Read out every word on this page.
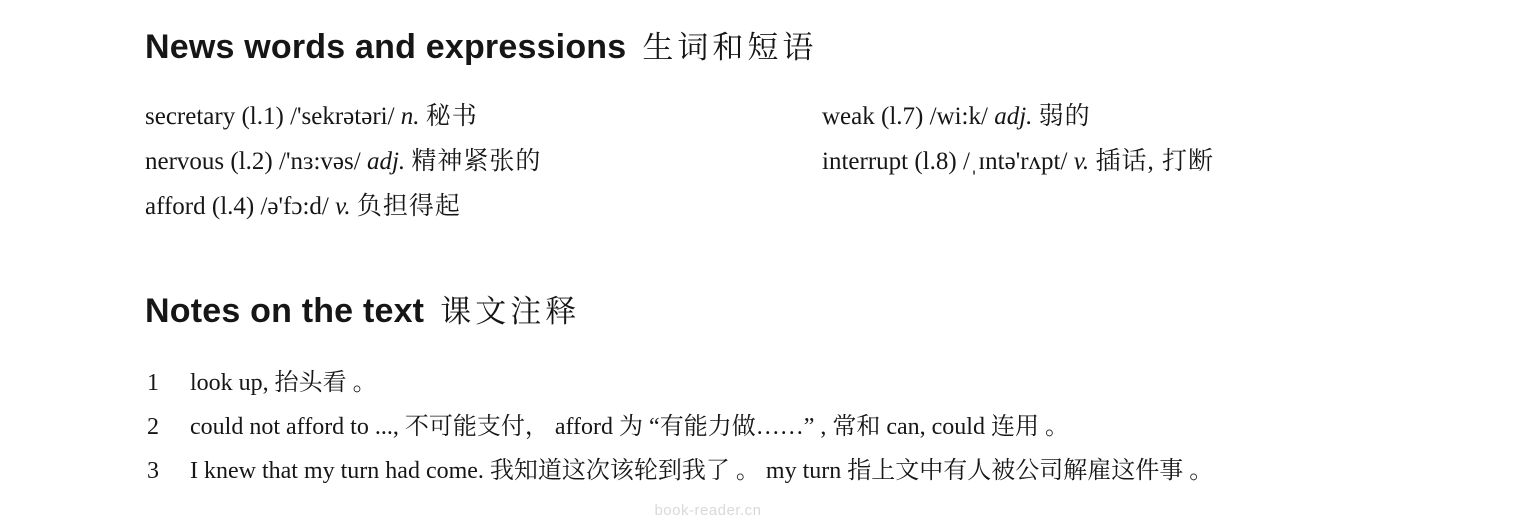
News words and expressions 生词和短语

secretary (l.1) /'sekrətəri/ n. 秘书

nervous (l.2) /'nɜ:vəs/ adj. 精神紧张的

afford (l.4) /ə'fɔ:d/ v. 负担得起

weak (l.7) /wi:k/ adj. 弱的

interrupt (l.8) /ˌɪntə'rʌpt/ v. 插话, 打断

Notes on the text 课文注释
1	look up, 抬头看 。
2	could not afford to ..., 不可能支付， afford 为 “有能力做……” , 常和 can, could 连用 。
3	I knew that my turn had come. 我知道这次该轮到我了 。 my turn 指上文中有人被公司解雇这件事 。
book-reader.cn
